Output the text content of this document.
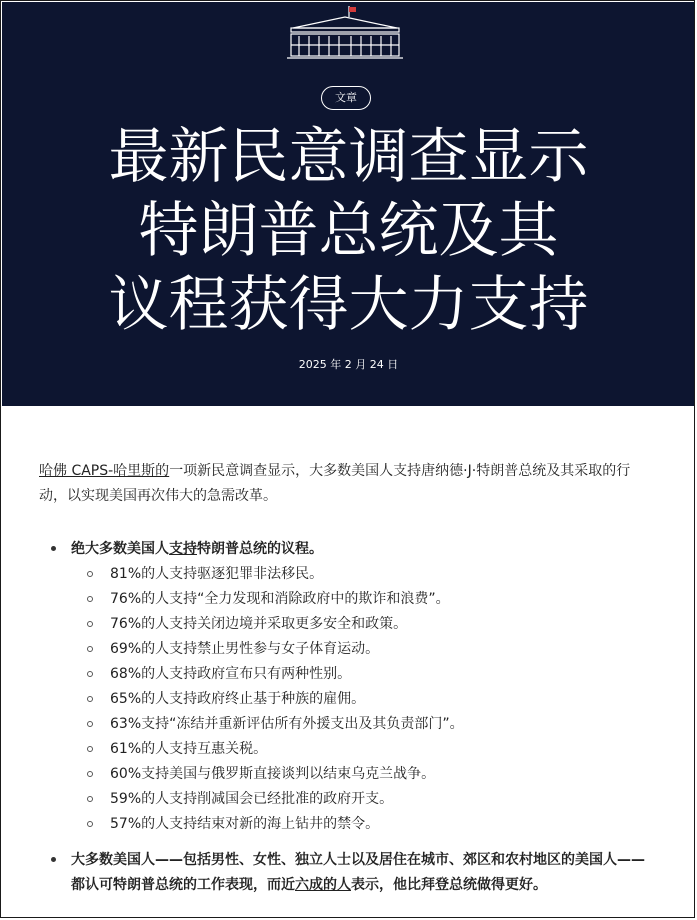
文章
最新民意调查显示
特朗普总统及其
议程获得大力支持
2025 年 2 月 24 日

哈佛 CAPS-哈里斯的一项新民意调查显示，大多数美国人支持唐纳德·J·特朗普总统及其采取的行动，以实现美国再次伟大的急需改革。

绝大多数美国人支持特朗普总统的议程。
81%的人支持驱逐犯罪非法移民。
76%的人支持“全力发现和消除政府中的欺诈和浪费”。
76%的人支持关闭边境并采取更多安全和政策。
69%的人支持禁止男性参与女子体育运动。
68%的人支持政府宣布只有两种性别。
65%的人支持政府终止基于种族的雇佣。
63%支持“冻结并重新评估所有外援支出及其负责部门”。
61%的人支持互惠关税。
60%支持美国与俄罗斯直接谈判以结束乌克兰战争。
59%的人支持削减国会已经批准的政府开支。
57%的人支持结束对新的海上钻井的禁令。
大多数美国人——包括男性、女性、独立人士以及居住在城市、郊区和农村地区的美国人——都认可特朗普总统的工作表现，而近六成的人表示，他比拜登总统做得更好。
